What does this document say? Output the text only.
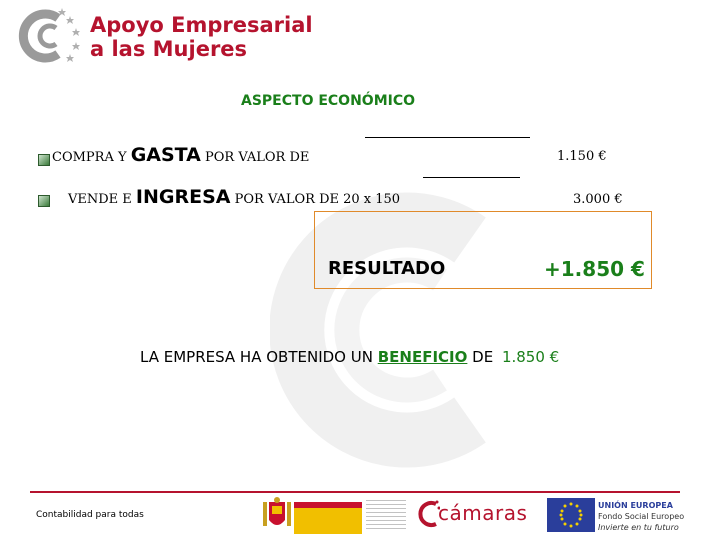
Apoyo Empresarial
a las Mujeres
ASPECTO ECONÓMICO
COMPRA Y GASTA POR VALOR DE	1.150 €
VENDE E INGRESA POR VALOR DE 20 x 150	3.000 €
RESULTADO	+1.850 €
LA EMPRESA HA OBTENIDO UN BENEFICIO DE 1.850 €
Contabilidad para todas	cámaras	UNIÓN EUROPEA
Fondo Social Europeo
Invierte en tu futuro
